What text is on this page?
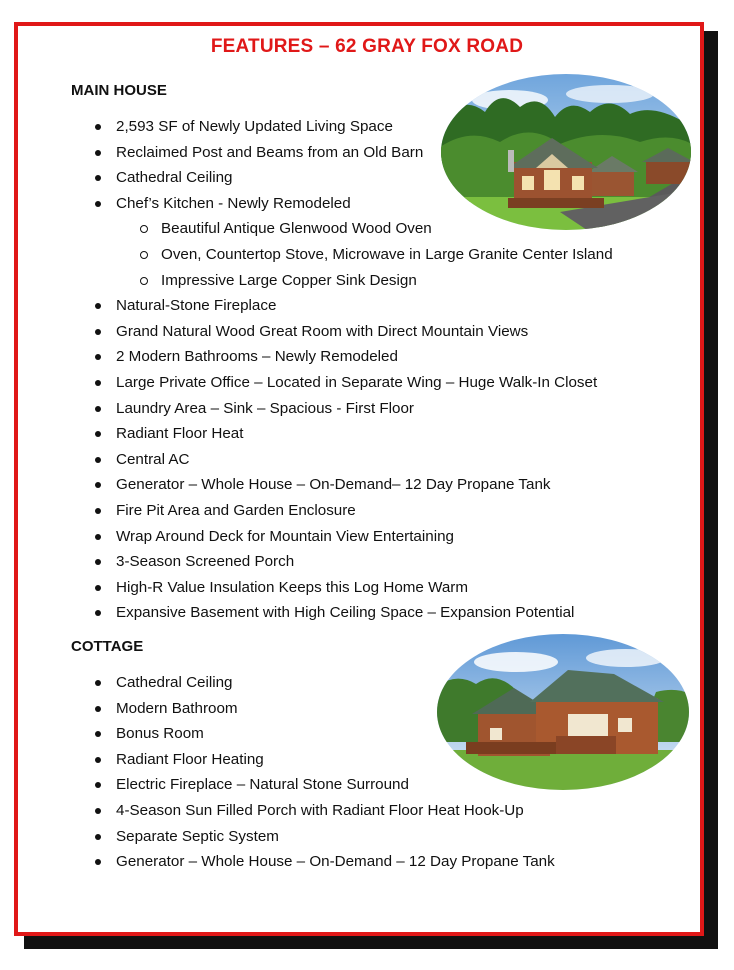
FEATURES – 62 GRAY FOX ROAD
MAIN HOUSE
2,593 SF of Newly Updated Living Space
Reclaimed Post and Beams from an Old Barn
Cathedral Ceiling
Chef’s Kitchen - Newly Remodeled
Beautiful Antique Glenwood Wood Oven
Oven, Countertop Stove, Microwave in Large Granite Center Island
Impressive Large Copper Sink Design
Natural-Stone Fireplace
Grand Natural Wood Great Room with Direct Mountain Views
2 Modern Bathrooms – Newly Remodeled
Large Private Office – Located in Separate Wing – Huge Walk-In Closet
Laundry Area – Sink – Spacious - First Floor
Radiant Floor Heat
Central AC
Generator – Whole House – On-Demand– 12 Day Propane Tank
Fire Pit Area and Garden Enclosure
Wrap Around Deck for Mountain View Entertaining
3-Season Screened Porch
High-R Value Insulation Keeps this Log Home Warm
Expansive Basement with High Ceiling Space – Expansion Potential
COTTAGE
Cathedral Ceiling
Modern Bathroom
Bonus Room
Radiant Floor Heating
Electric Fireplace – Natural Stone Surround
4-Season Sun Filled Porch with Radiant Floor Heat Hook-Up
Separate Septic System
Generator – Whole House – On-Demand – 12 Day Propane Tank
